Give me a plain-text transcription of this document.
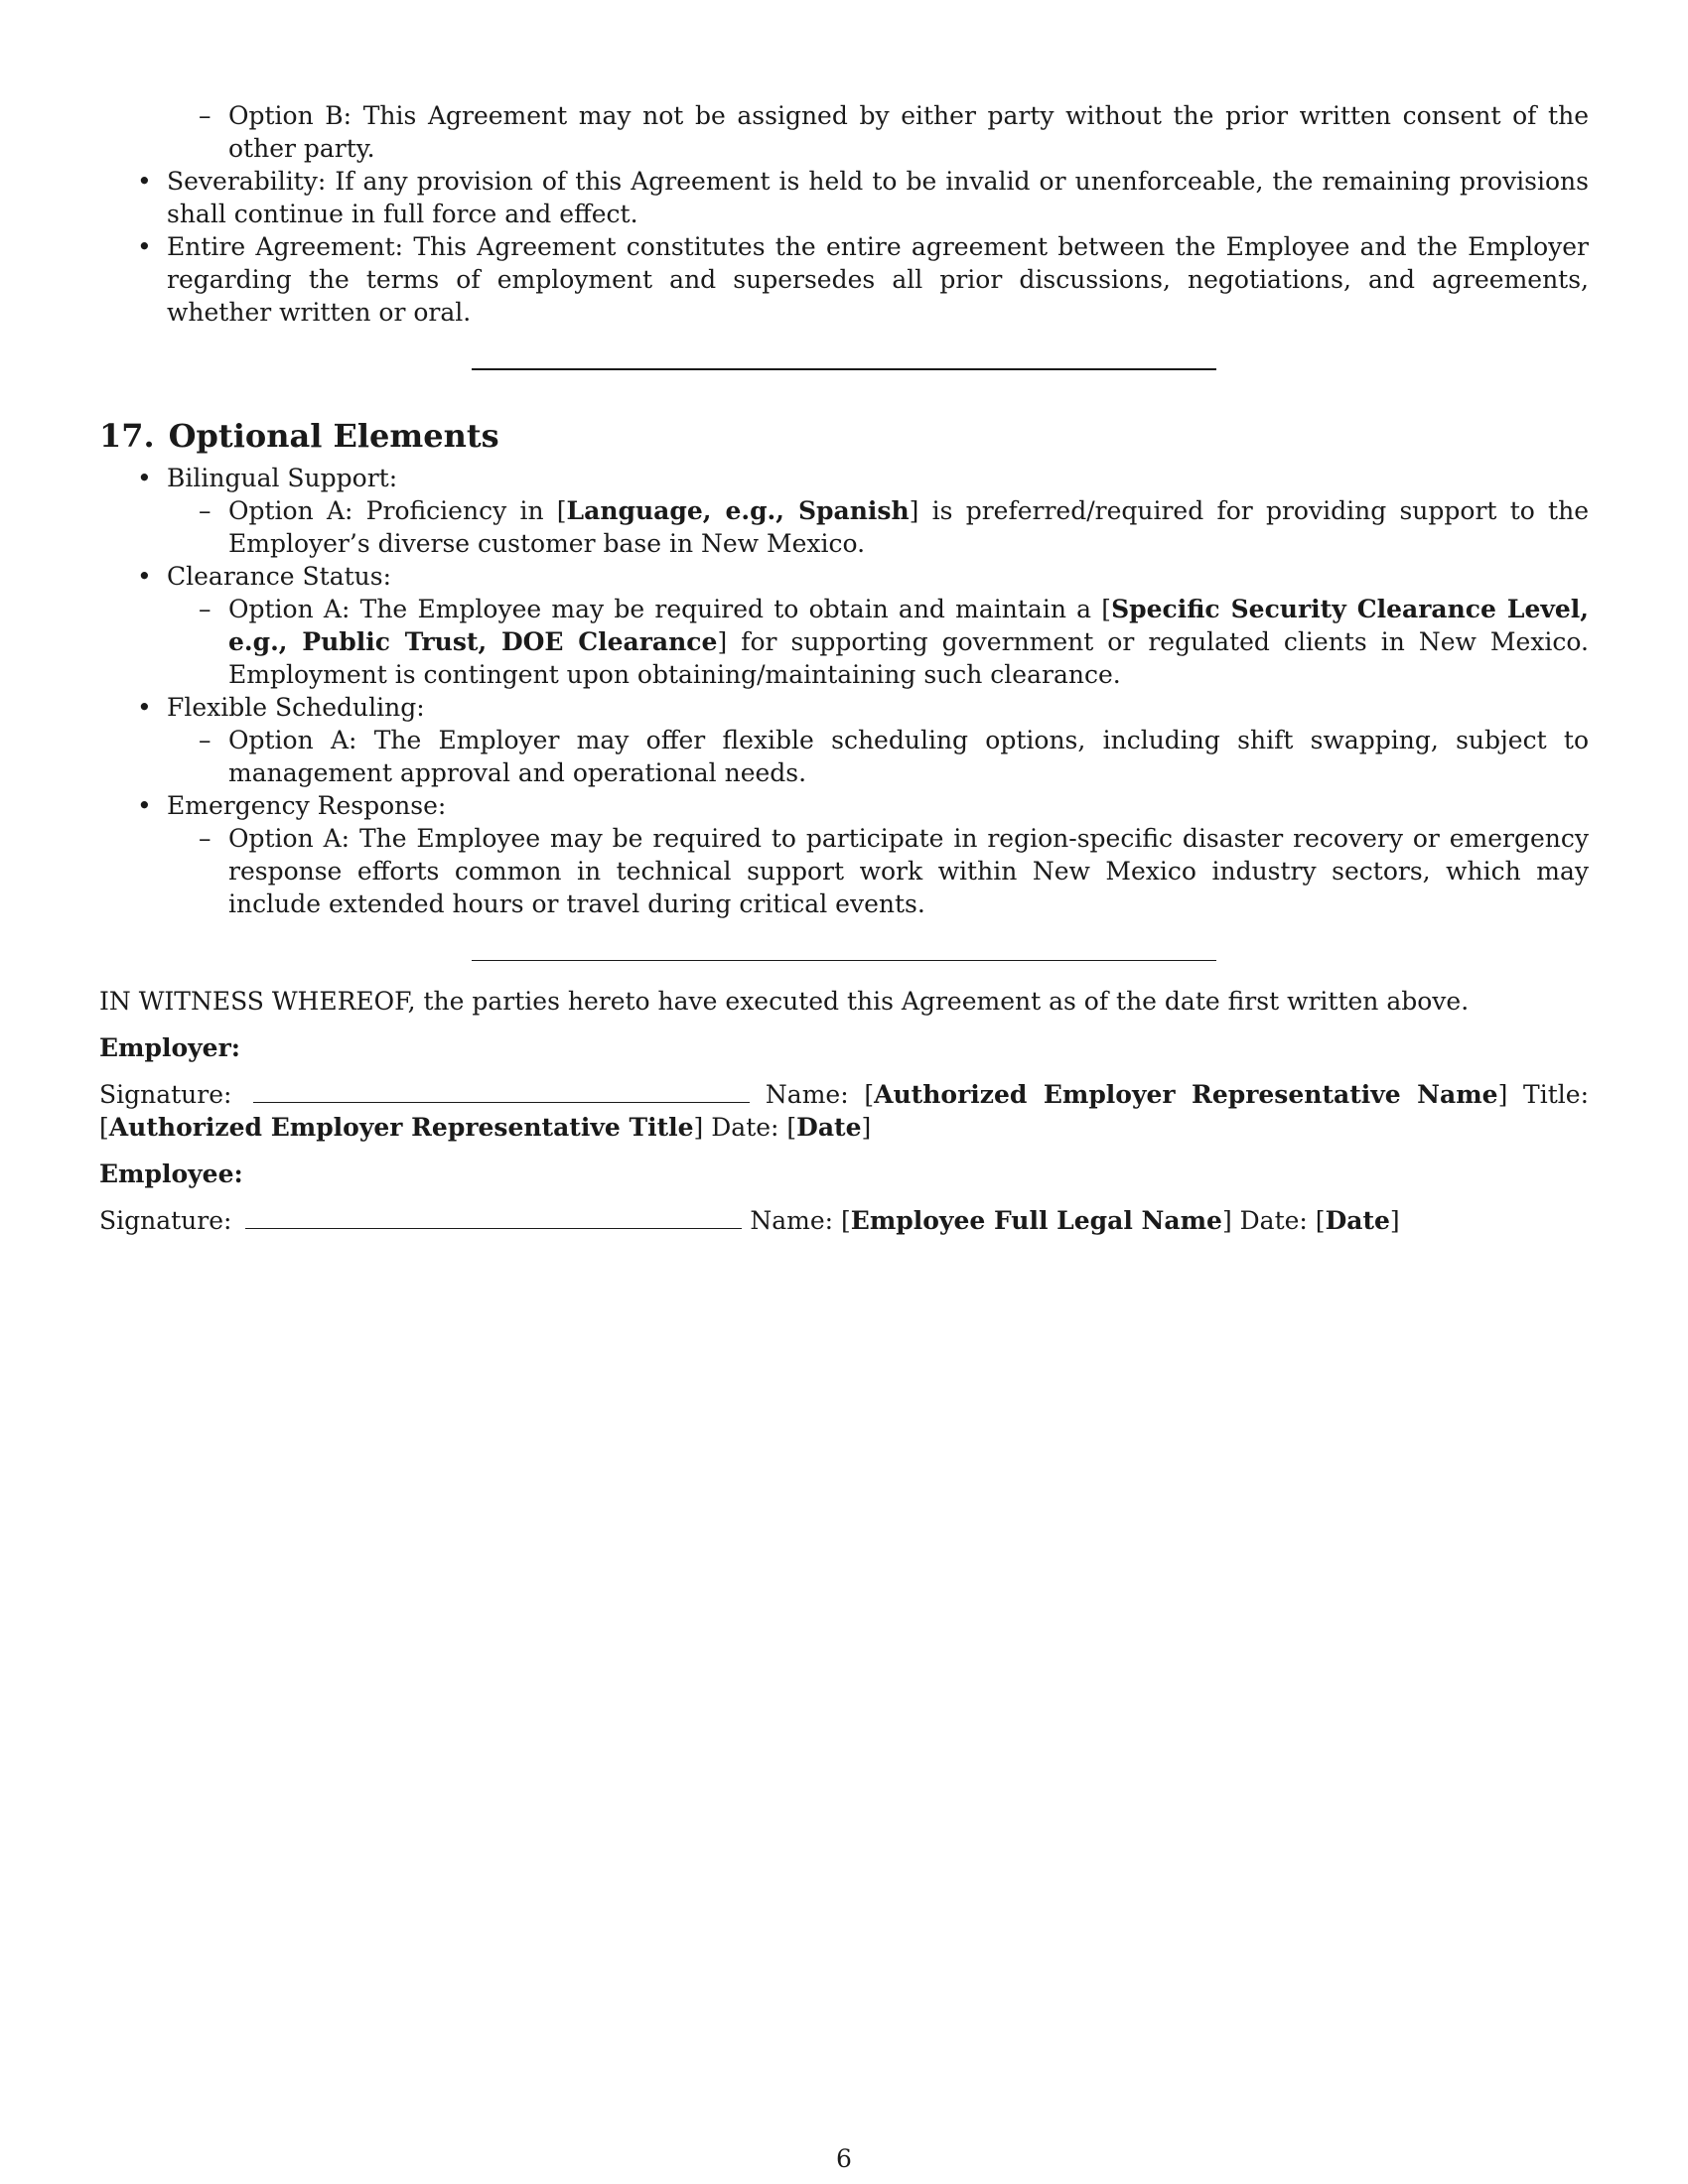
– Option B: This Agreement may not be assigned by either party without the prior written consent of the other party.
• Severability: If any provision of this Agreement is held to be invalid or unenforceable, the remaining provisions shall continue in full force and effect.
• Entire Agreement: This Agreement constitutes the entire agreement between the Employee and the Employer regarding the terms of employment and supersedes all prior discussions, negotiations, and agreements, whether written or oral.
17. Optional Elements
• Bilingual Support:
– Option A: Proficiency in [Language, e.g., Spanish] is preferred/required for providing support to the Employer’s diverse customer base in New Mexico.
• Clearance Status:
– Option A: The Employee may be required to obtain and maintain a [Specific Security Clearance Level, e.g., Public Trust, DOE Clearance] for supporting government or regulated clients in New Mexico. Employment is contingent upon obtaining/maintaining such clearance.
• Flexible Scheduling:
– Option A: The Employer may offer flexible scheduling options, including shift swapping, subject to management approval and operational needs.
• Emergency Response:
– Option A: The Employee may be required to participate in region-specific disaster recovery or emergency response efforts common in technical support work within New Mexico industry sectors, which may include extended hours or travel during critical events.
IN WITNESS WHEREOF, the parties hereto have executed this Agreement as of the date first written above.
Employer:
Signature:	Name: [Authorized Employer Representative Name] Title: [Authorized Employer Representative Title] Date: [Date]
Employee:
Signature:	Name: [Employee Full Legal Name] Date: [Date]
6
